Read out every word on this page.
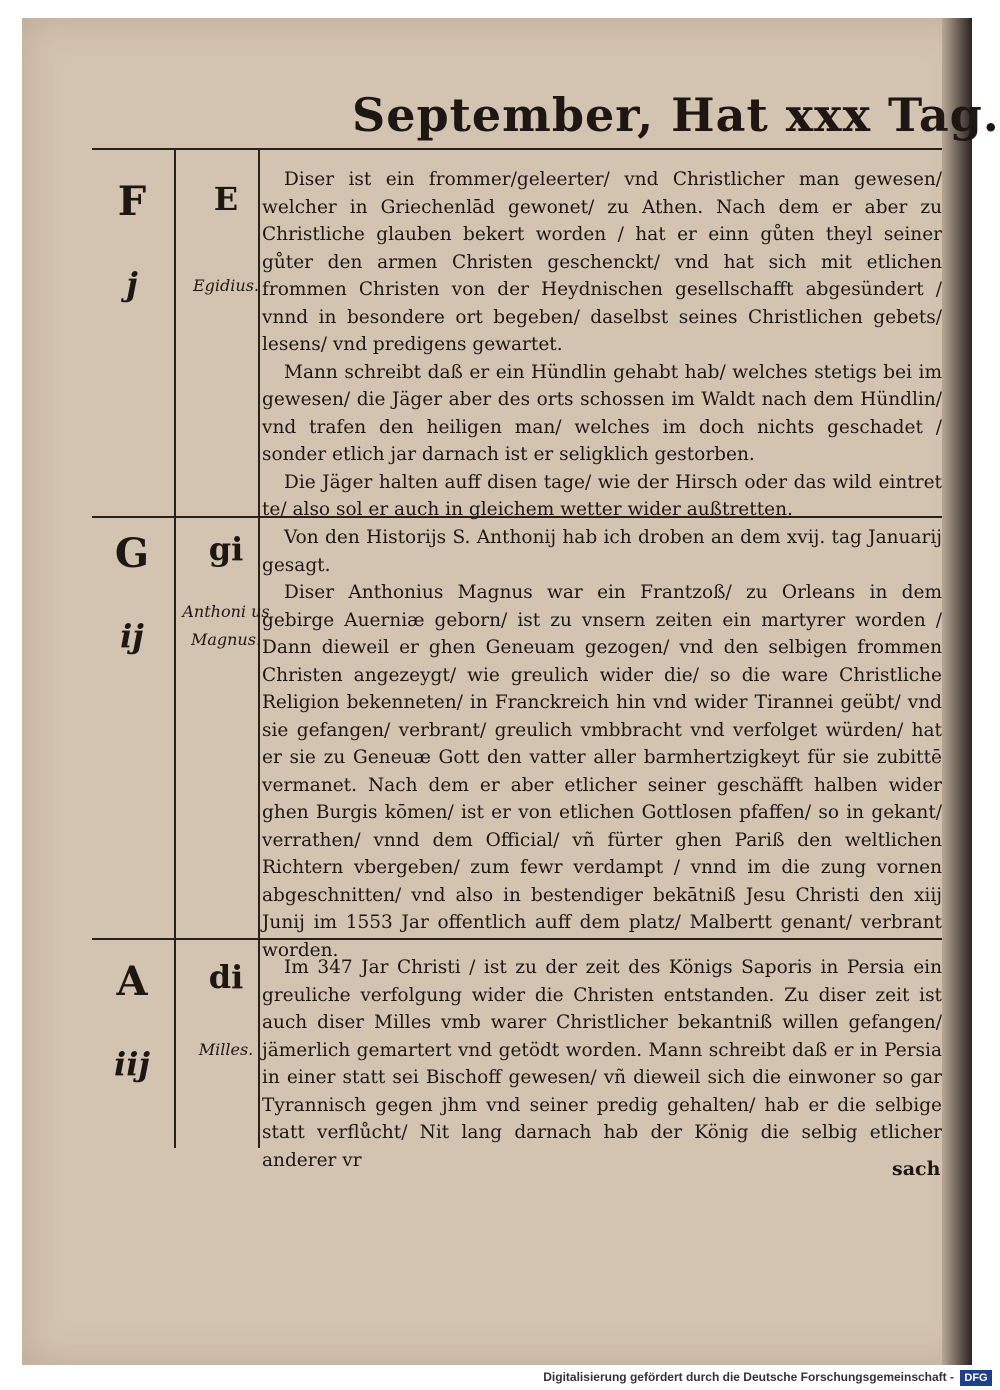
September, Hat xxx Tag.
F
j
E
Egidius.

Diser ist ein frommer/geleerter/ vnd Christlicher man gewesen/ welcher in Griechenlād gewonet/ zu Athen. Nach dem er aber zu Christliche glauben bekert worden / hat er einn gůten theyl seiner gůter den armen Christen geschenckt/ vnd hat sich mit etlichen frommen Christen von der Heydnischen gesellschafft abgesündert / vnnd in besondere ort begeben/ daselbst seines Christlichen gebets/ lesens/ vnd predigens gewartet.

Mann schreibt daß er ein Hündlin gehabt hab/ welches stetigs bei im gewesen/ die Jäger aber des orts schossen im Waldt nach dem Hündlin/ vnd trafen den heiligen man/ welches im doch nichts geschadet / sonder etlich jar darnach ist er seligklich gestorben.

Die Jäger halten auff disen tage/ wie der Hirsch oder das wild eintret te/ also sol er auch in gleichem wetter wider außtretten.

G
ij
gi
Anthoni us Magnus.

Von den Historijs S. Anthonij hab ich droben an dem xvij. tag Januarij gesagt.

Diser Anthonius Magnus war ein Frantzoß/ zu Orleans in dem gebirge Auerniæ geborn/ ist zu vnsern zeiten ein martyrer worden / Dann dieweil er ghen Geneuam gezogen/ vnd den selbigen frommen Christen angezeygt/ wie greulich wider die/ so die ware Christliche Religion bekenneten/ in Franckreich hin vnd wider Tirannei geübt/ vnd sie gefangen/ verbrant/ greulich vmbbracht vnd verfolget würden/ hat er sie zu Geneuæ Gott den vatter aller barmhertzigkeyt für sie zubittē vermanet. Nach dem er aber etlicher seiner geschäfft halben wider ghen Burgis kōmen/ ist er von etlichen Gottlosen pfaffen/ so in gekant/ verrathen/ vnnd dem Official/ vñ fürter ghen Pariß den weltlichen Richtern vbergeben/ zum fewr verdampt / vnnd im die zung vornen abgeschnitten/ vnd also in bestendiger bekātniß Jesu Christi den xiij Junij im 1553 Jar offentlich auff dem platz/ Malbertt genant/ verbrant worden.

A
iij
di
Milles.

Im 347 Jar Christi / ist zu der zeit des Königs Saporis in Persia ein greuliche verfolgung wider die Christen entstanden. Zu diser zeit ist auch diser Milles vmb warer Christlicher bekantniß willen gefangen/ jämerlich gemartert vnd getödt worden. Mann schreibt daß er in Persia in einer statt sei Bischoff gewesen/ vñ dieweil sich die einwoner so gar Tyrannisch gegen jhm vnd seiner predig gehalten/ hab er die selbige statt verflůcht/ Nit lang darnach hab der König die selbig etlicher anderer vr	sach
Digitalisierung gefördert durch die Deutsche Forschungsgemeinschaft - DFG
